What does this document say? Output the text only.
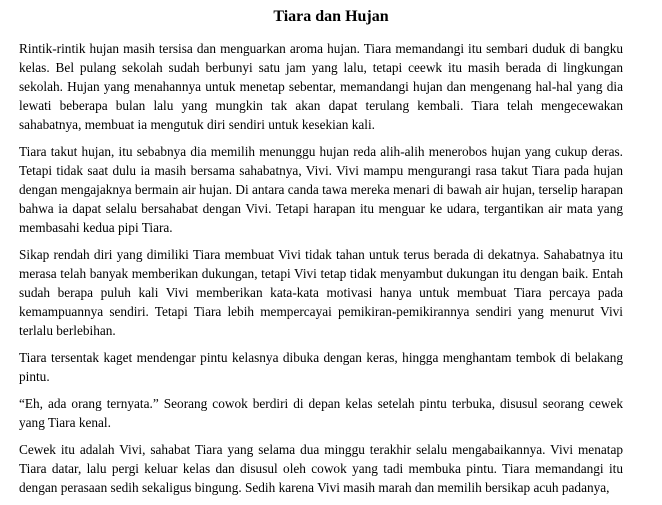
Tiara dan Hujan

Rintik-rintik hujan masih tersisa dan menguarkan aroma hujan. Tiara memandangi itu sembari duduk di bangku kelas. Bel pulang sekolah sudah berbunyi satu jam yang lalu, tetapi ceewk itu masih berada di lingkungan sekolah. Hujan yang menahannya untuk menetap sebentar, memandangi hujan dan mengenang hal-hal yang dia lewati beberapa bulan lalu yang mungkin tak akan dapat terulang kembali. Tiara telah mengecewakan sahabatnya, membuat ia mengutuk diri sendiri untuk kesekian kali.

Tiara takut hujan, itu sebabnya dia memilih menunggu hujan reda alih-alih menerobos hujan yang cukup deras. Tetapi tidak saat dulu ia masih bersama sahabatnya, Vivi. Vivi mampu mengurangi rasa takut Tiara pada hujan dengan mengajaknya bermain air hujan. Di antara canda tawa mereka menari di bawah air hujan, terselip harapan bahwa ia dapat selalu bersahabat dengan Vivi. Tetapi harapan itu menguar ke udara, tergantikan air mata yang membasahi kedua pipi Tiara.

Sikap rendah diri yang dimiliki Tiara membuat Vivi tidak tahan untuk terus berada di dekatnya. Sahabatnya itu merasa telah banyak memberikan dukungan, tetapi Vivi tetap tidak menyambut dukungan itu dengan baik. Entah sudah berapa puluh kali Vivi memberikan kata-kata motivasi hanya untuk membuat Tiara percaya pada kemampuannya sendiri. Tetapi Tiara lebih mempercayai pemikiran-pemikirannya sendiri yang menurut Vivi terlalu berlebihan.

Tiara tersentak kaget mendengar pintu kelasnya dibuka dengan keras, hingga menghantam tembok di belakang pintu.

“Eh, ada orang ternyata.” Seorang cowok berdiri di depan kelas setelah pintu terbuka, disusul seorang cewek yang Tiara kenal.

Cewek itu adalah Vivi, sahabat Tiara yang selama dua minggu terakhir selalu mengabaikannya. Vivi menatap Tiara datar, lalu pergi keluar kelas dan disusul oleh cowok yang tadi membuka pintu. Tiara memandangi itu dengan perasaan sedih sekaligus bingung. Sedih karena Vivi masih marah dan memilih bersikap acuh padanya,
